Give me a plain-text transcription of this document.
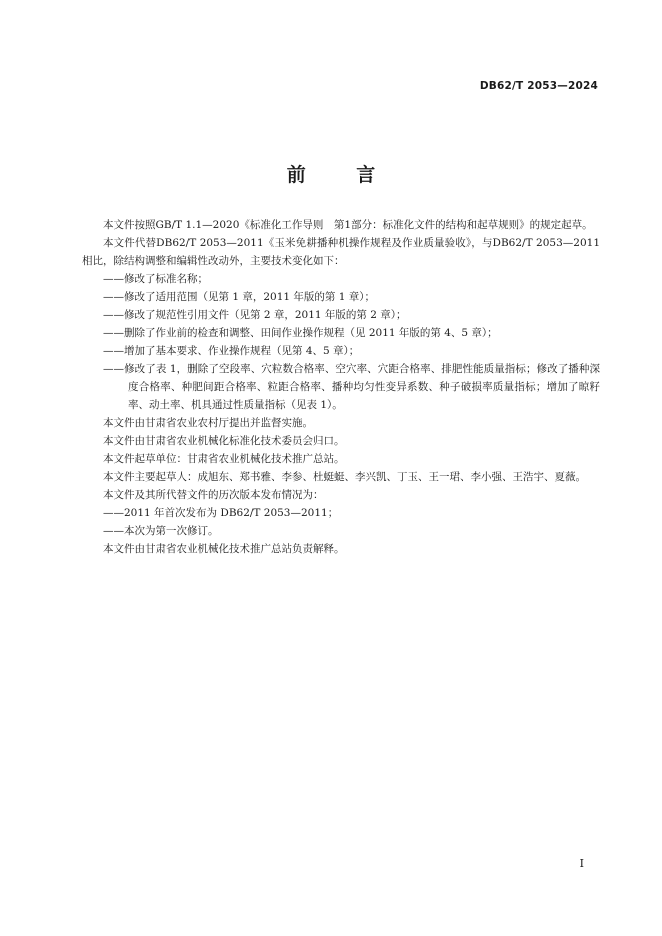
DB62/T 2053—2024
前 言

本文件按照GB/T 1.1—2020《标准化工作导则　第1部分：标准化文件的结构和起草规则》的规定起草。

本文件代替DB62/T 2053—2011《玉米免耕播种机操作规程及作业质量验收》，与DB62/T 2053—2011相比，除结构调整和编辑性改动外，主要技术变化如下：

——修改了标准名称；

——修改了适用范围（见第 1 章，2011 年版的第 1 章）；

——修改了规范性引用文件（见第 2 章，2011 年版的第 2 章）；

——删除了作业前的检查和调整、田间作业操作规程（见 2011 年版的第 4、5 章）；

——增加了基本要求、作业操作规程（见第 4、5 章）；

——修改了表 1，删除了空段率、穴粒数合格率、空穴率、穴距合格率、排肥性能质量指标；修改了播种深度合格率、种肥间距合格率、粒距合格率、播种均匀性变异系数、种子破损率质量指标；增加了晾籽率、动土率、机具通过性质量指标（见表 1）。

本文件由甘肃省农业农村厅提出并监督实施。

本文件由甘肃省农业机械化标准化技术委员会归口。

本文件起草单位：甘肃省农业机械化技术推广总站。

本文件主要起草人：成旭东、郑书雅、李参、杜蜓蜓、李兴凯、丁玉、王一珺、李小强、王浩宇、夏薇。

本文件及其所代替文件的历次版本发布情况为：

——2011 年首次发布为 DB62/T 2053—2011；

——本次为第一次修订。

本文件由甘肃省农业机械化技术推广总站负责解释。

I
